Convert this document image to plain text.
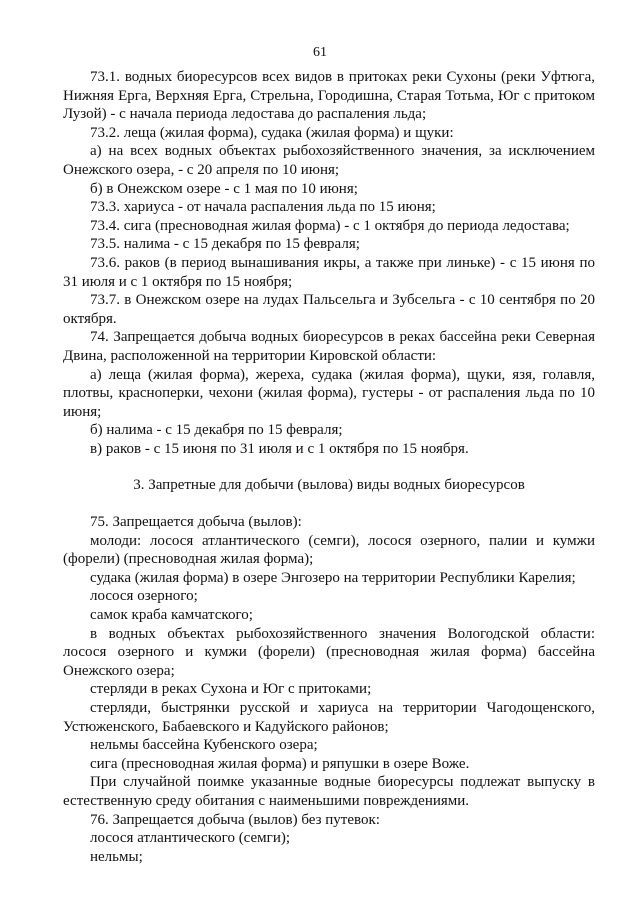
61

73.1. водных биоресурсов всех видов в притоках реки Сухоны (реки Уфтюга, Нижняя Ерга, Верхняя Ерга, Стрельна, Городишна, Старая Тотьма, Юг с притоком Лузой) - с начала периода ледостава до распаления льда;

73.2. леща (жилая форма), судака (жилая форма) и щуки:

а) на всех водных объектах рыбохозяйственного значения, за исключением Онежского озера, - с 20 апреля по 10 июня;

б) в Онежском озере - с 1 мая по 10 июня;

73.3. хариуса - от начала распаления льда по 15 июня;

73.4. сига (пресноводная жилая форма) - с 1 октября до периода ледостава;

73.5. налима - с 15 декабря по 15 февраля;

73.6. раков (в период вынашивания икры, а также при линьке) - с 15 июня по 31 июля и с 1 октября по 15 ноября;

73.7. в Онежском озере на лудах Пальсельга и Зубсельга - с 10 сентября по 20 октября.

74. Запрещается добыча водных биоресурсов в реках бассейна реки Северная Двина, расположенной на территории Кировской области:

а) леща (жилая форма), жереха, судака (жилая форма), щуки, язя, голавля, плотвы, красноперки, чехони (жилая форма), густеры - от распаления льда по 10 июня;

б) налима - с 15 декабря по 15 февраля;

в) раков - с 15 июня по 31 июля и с 1 октября по 15 ноября.

3. Запретные для добычи (вылова) виды водных биоресурсов

75. Запрещается добыча (вылов):

молоди: лосося атлантического (семги), лосося озерного, палии и кумжи (форели) (пресноводная жилая форма);

судака (жилая форма) в озере Энгозеро на территории Республики Карелия;

лосося озерного;

самок краба камчатского;

в водных объектах рыбохозяйственного значения Вологодской области: лосося озерного и кумжи (форели) (пресноводная жилая форма) бассейна Онежского озера;

стерляди в реках Сухона и Юг с притоками;

стерляди, быстрянки русской и хариуса на территории Чагодощенского, Устюженского, Бабаевского и Кадуйского районов;

нельмы бассейна Кубенского озера;

сига (пресноводная жилая форма) и ряпушки в озере Воже.

При случайной поимке указанные водные биоресурсы подлежат выпуску в естественную среду обитания с наименьшими повреждениями.

76. Запрещается добыча (вылов) без путевок:

лосося атлантического (семги);

нельмы;
